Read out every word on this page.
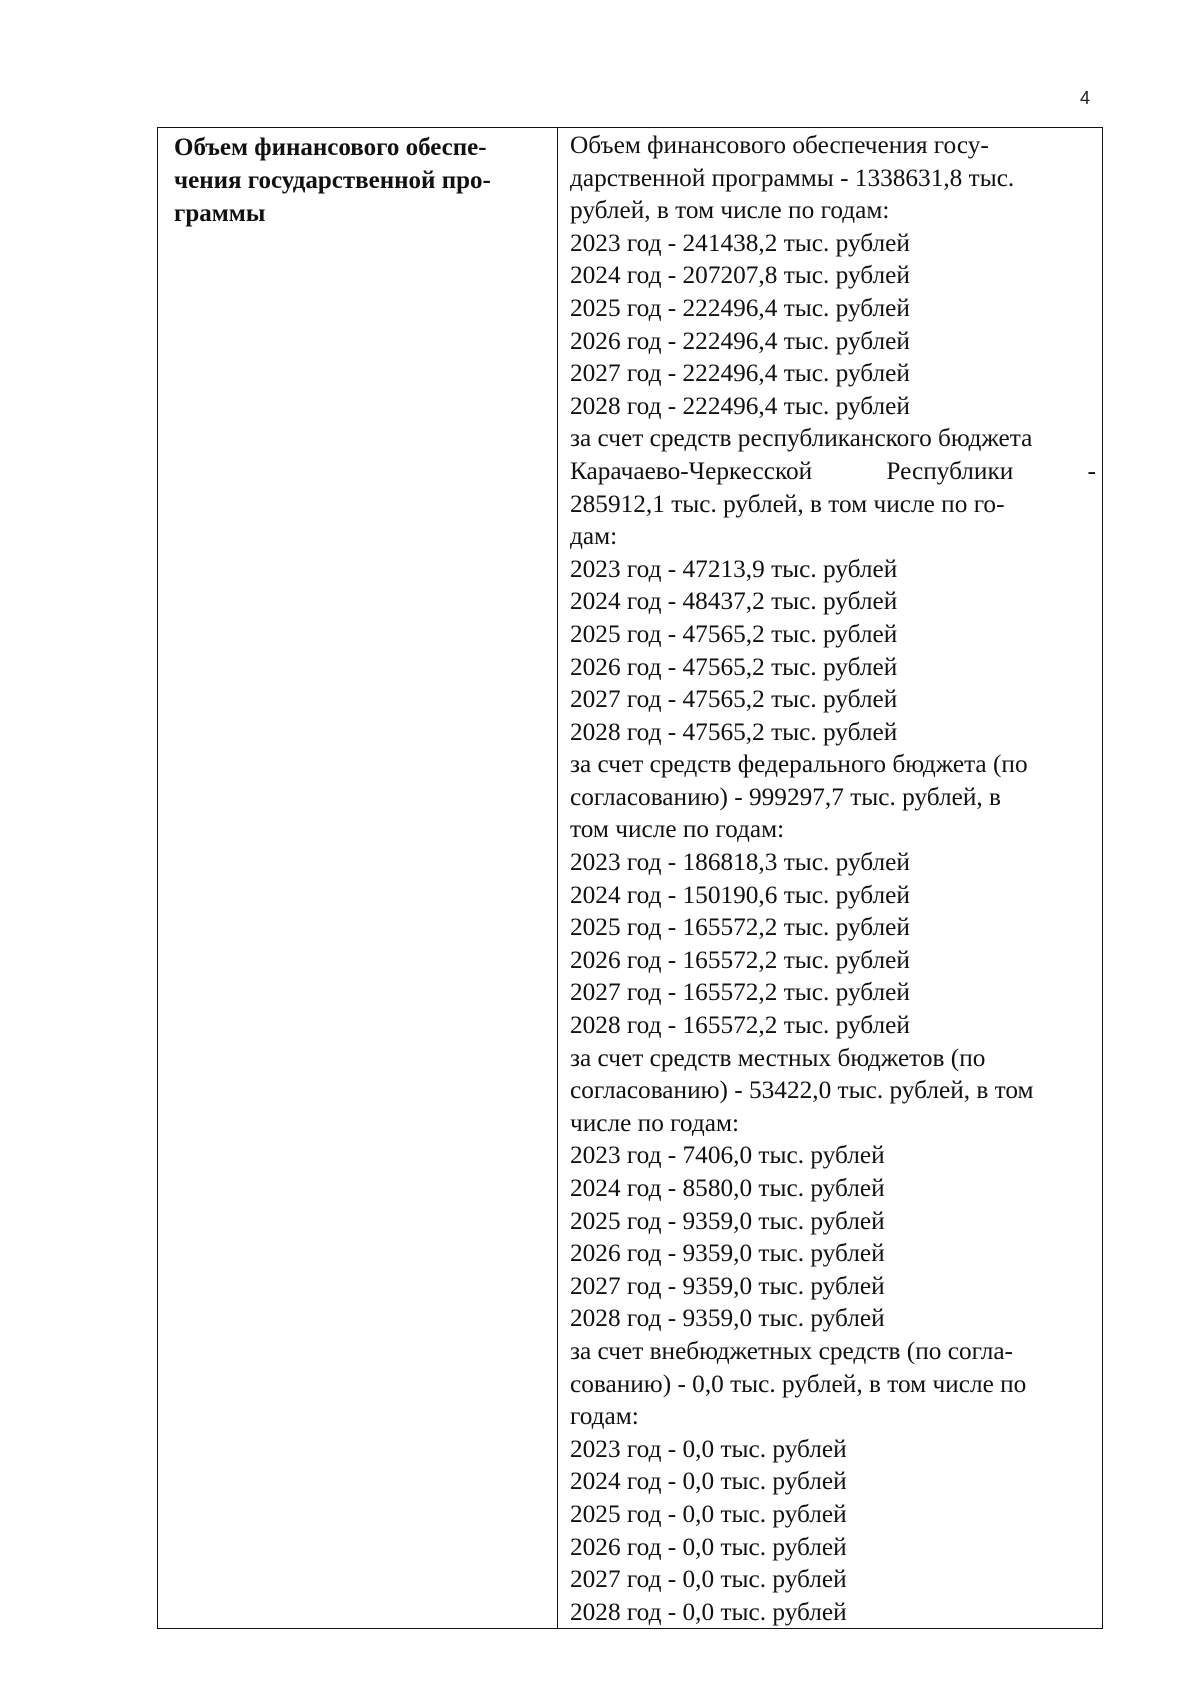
4

Объем финансового обеспе-
чения государственной про-
граммы

Объем финансового обеспечения госу-
дарственной программы - 1338631,8 тыс.
рублей, в том числе по годам:
2023 год - 241438,2 тыс. рублей
2024 год - 207207,8 тыс. рублей
2025 год - 222496,4 тыс. рублей
2026 год - 222496,4 тыс. рублей
2027 год - 222496,4 тыс. рублей
2028 год - 222496,4 тыс. рублей
за счет средств республиканского бюджета
Карачаево-Черкесской	Республики	-
285912,1 тыс. рублей, в том числе по го-
дам:
2023 год - 47213,9 тыс. рублей
2024 год - 48437,2 тыс. рублей
2025 год - 47565,2 тыс. рублей
2026 год - 47565,2 тыс. рублей
2027 год - 47565,2 тыс. рублей
2028 год - 47565,2 тыс. рублей
за счет средств федерального бюджета (по
согласованию) - 999297,7 тыс. рублей, в
том числе по годам:
2023 год - 186818,3 тыс. рублей
2024 год - 150190,6 тыс. рублей
2025 год - 165572,2 тыс. рублей
2026 год - 165572,2 тыс. рублей
2027 год - 165572,2 тыс. рублей
2028 год - 165572,2 тыс. рублей
за счет средств местных бюджетов (по
согласованию) - 53422,0 тыс. рублей, в том
числе по годам:
2023 год - 7406,0 тыс. рублей
2024 год - 8580,0 тыс. рублей
2025 год - 9359,0 тыс. рублей
2026 год - 9359,0 тыс. рублей
2027 год - 9359,0 тыс. рублей
2028 год - 9359,0 тыс. рублей
за счет внебюджетных средств (по согла-
сованию) - 0,0 тыс. рублей, в том числе по
годам:
2023 год - 0,0 тыс. рублей
2024 год - 0,0 тыс. рублей
2025 год - 0,0 тыс. рублей
2026 год - 0,0 тыс. рублей
2027 год - 0,0 тыс. рублей
2028 год - 0,0 тыс. рублей
